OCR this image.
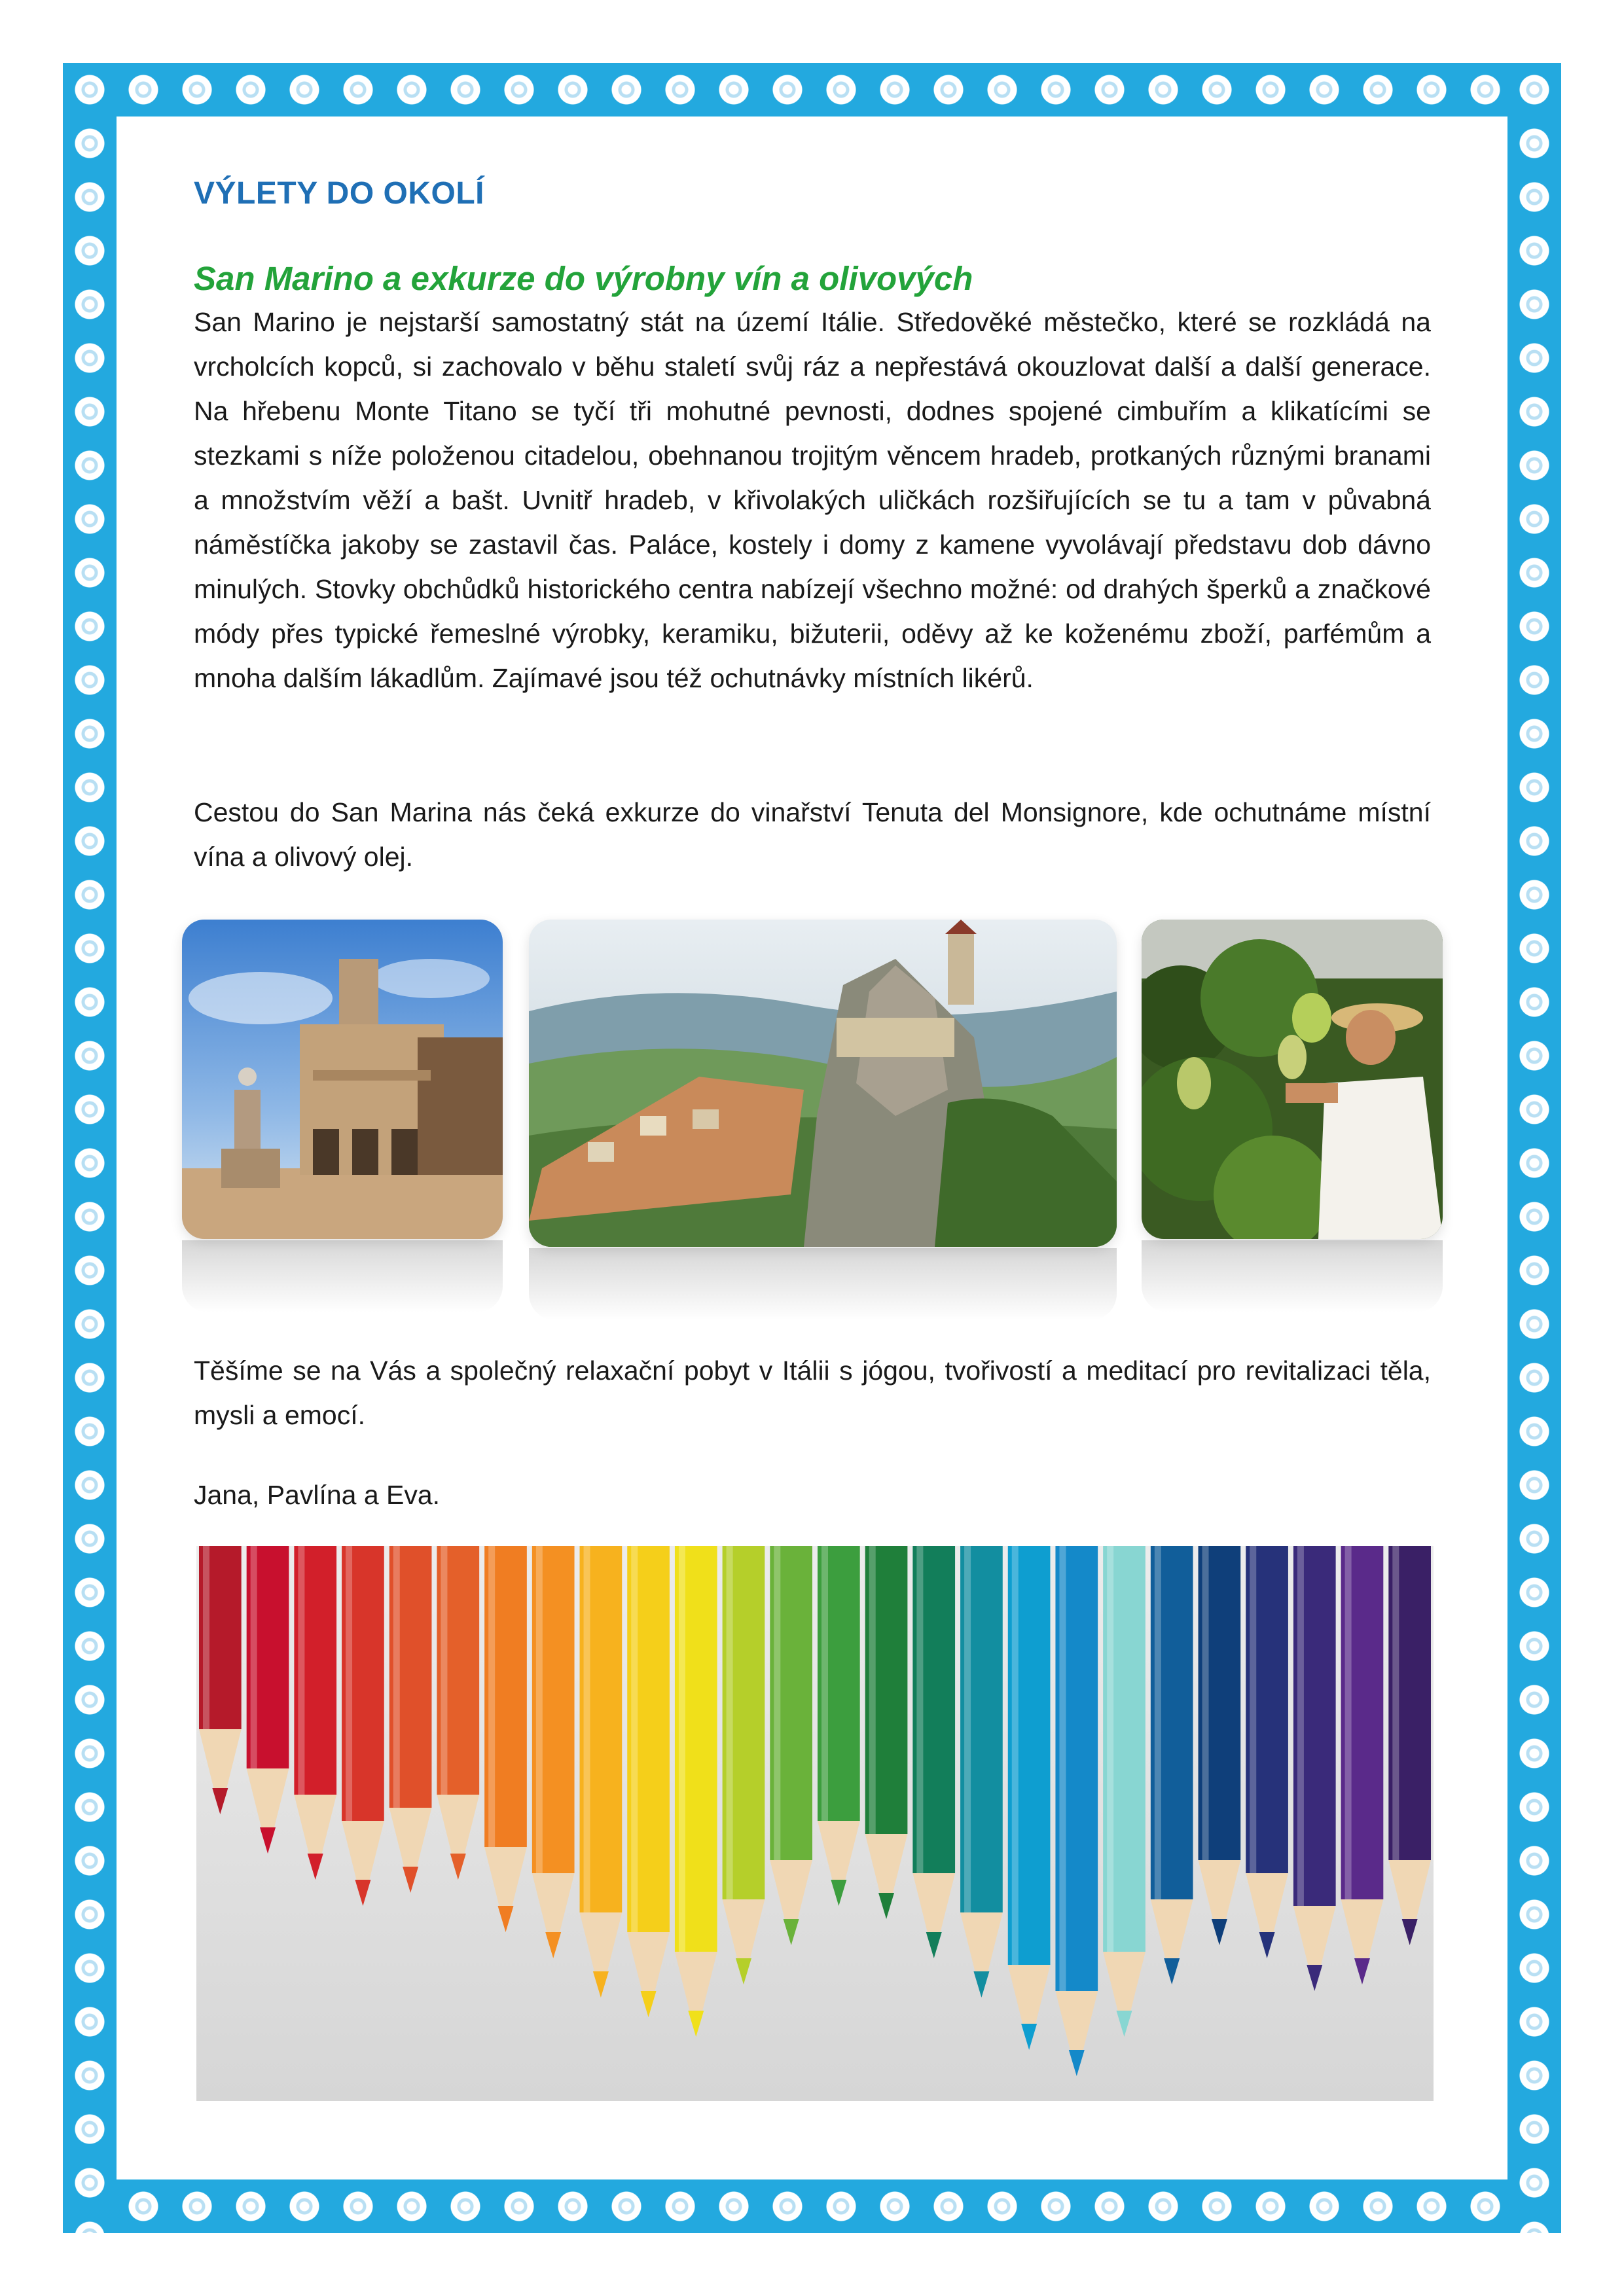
VÝLETY DO OKOLÍ
San Marino a exkurze do výrobny vín a olivových

San Marino je nejstarší samostatný stát na území Itálie. Středověké městečko, které se rozkládá na vrcholcích kopců, si zachovalo v běhu staletí svůj ráz a nepřestává okouzlovat další a další generace. Na hřebenu Monte Titano se tyčí tři mohutné pevnosti, dodnes spojené cimbuřím a klikatícími se stezkami s níže položenou citadelou, obehnanou trojitým věncem hradeb, protkaných různými branami a množstvím věží a bašt. Uvnitř hradeb, v křivolakých uličkách rozšiřujících se tu a tam v půvabná náměstíčka jakoby se zastavil čas. Paláce, kostely i domy z kamene vyvolávají představu dob dávno minulých. Stovky obchůdků historického centra nabízejí všechno možné: od drahých šperků a značkové módy přes typické řemeslné výrobky, keramiku, bižuterii, oděvy až ke koženému zboží, parfémům a mnoha dalším lákadlům. Zajímavé jsou též ochutnávky místních likérů.

Cestou do San Marina nás čeká exkurze do vinařství Tenuta del Monsignore, kde ochutnáme místní vína a olivový olej.

Těšíme se na Vás a společný relaxační pobyt v Itálii s jógou, tvořivostí a meditací pro revitalizaci těla, mysli a emocí.

Jana, Pavlína a Eva.
